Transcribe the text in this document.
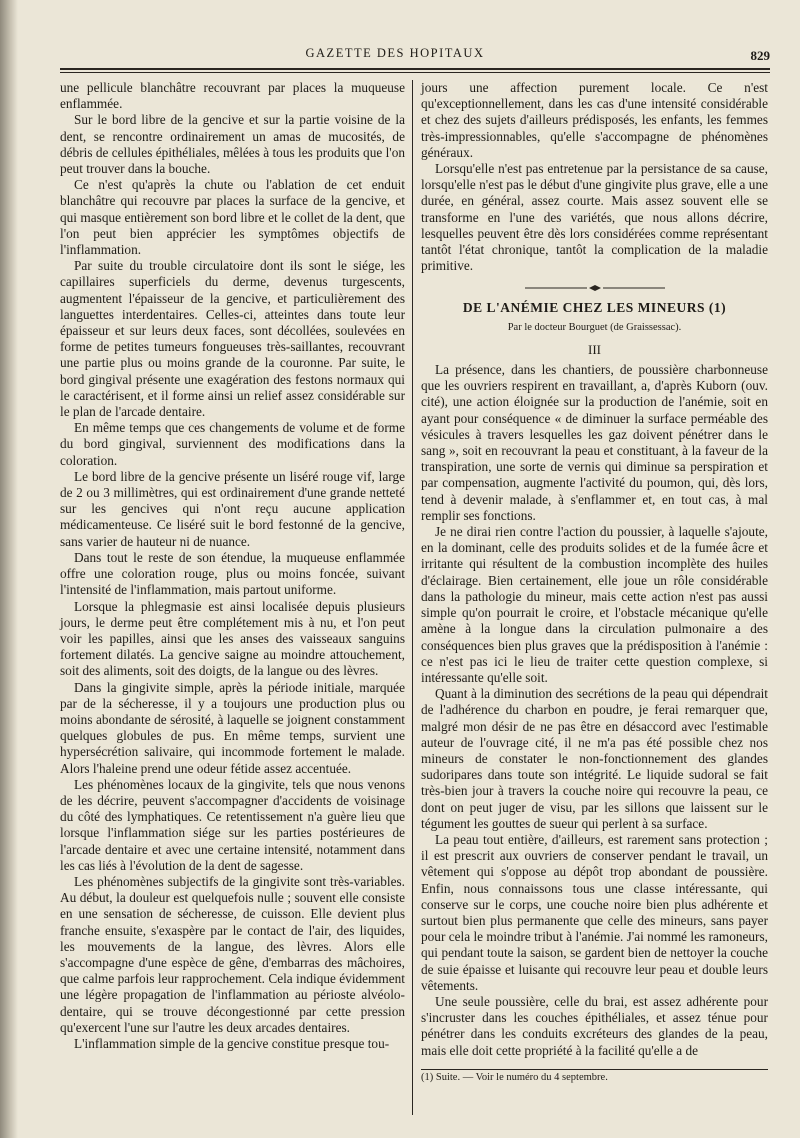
GAZETTE DES HOPITAUX	829

une pellicule blanchâtre recouvrant par places la muqueuse enflammée.

Sur le bord libre de la gencive et sur la partie voisine de la dent, se rencontre ordinairement un amas de mucosités, de débris de cellules épithéliales, mêlées à tous les produits que l'on peut trouver dans la bouche.

Ce n'est qu'après la chute ou l'ablation de cet enduit blanchâtre qui recouvre par places la surface de la gencive, et qui masque entièrement son bord libre et le collet de la dent, que l'on peut bien apprécier les symptômes objectifs de l'inflammation.

Par suite du trouble circulatoire dont ils sont le siége, les capillaires superficiels du derme, devenus turgescents, augmentent l'épaisseur de la gencive, et particulièrement des languettes interdentaires. Celles-ci, atteintes dans toute leur épaisseur et sur leurs deux faces, sont décollées, soulevées en forme de petites tumeurs fongueuses très-saillantes, recouvrant une partie plus ou moins grande de la couronne. Par suite, le bord gingival présente une exagération des festons normaux qui le caractérisent, et il forme ainsi un relief assez considérable sur le plan de l'arcade dentaire.

En même temps que ces changements de volume et de forme du bord gingival, surviennent des modifications dans la coloration.

Le bord libre de la gencive présente un liséré rouge vif, large de 2 ou 3 millimètres, qui est ordinairement d'une grande netteté sur les gencives qui n'ont reçu aucune application médicamenteuse. Ce liséré suit le bord festonné de la gencive, sans varier de hauteur ni de nuance.

Dans tout le reste de son étendue, la muqueuse enflammée offre une coloration rouge, plus ou moins foncée, suivant l'intensité de l'inflammation, mais partout uniforme.

Lorsque la phlegmasie est ainsi localisée depuis plusieurs jours, le derme peut être complétement mis à nu, et l'on peut voir les papilles, ainsi que les anses des vaisseaux sanguins fortement dilatés. La gencive saigne au moindre attouchement, soit des aliments, soit des doigts, de la langue ou des lèvres.

Dans la gingivite simple, après la période initiale, marquée par de la sécheresse, il y a toujours une production plus ou moins abondante de sérosité, à laquelle se joignent constamment quelques globules de pus. En même temps, survient une hypersécrétion salivaire, qui incommode fortement le malade. Alors l'haleine prend une odeur fétide assez accentuée.

Les phénomènes locaux de la gingivite, tels que nous venons de les décrire, peuvent s'accompagner d'accidents de voisinage du côté des lymphatiques. Ce retentissement n'a guère lieu que lorsque l'inflammation siége sur les parties postérieures de l'arcade dentaire et avec une certaine intensité, notamment dans les cas liés à l'évolution de la dent de sagesse.

Les phénomènes subjectifs de la gingivite sont très-variables. Au début, la douleur est quelquefois nulle ; souvent elle consiste en une sensation de sécheresse, de cuisson. Elle devient plus franche ensuite, s'exaspère par le contact de l'air, des liquides, les mouvements de la langue, des lèvres. Alors elle s'accompagne d'une espèce de gêne, d'embarras des mâchoires, que calme parfois leur rapprochement. Cela indique évidemment une légère propagation de l'inflammation au périoste alvéolo-dentaire, qui se trouve décongestionné par cette pression qu'exercent l'une sur l'autre les deux arcades dentaires.

L'inflammation simple de la gencive constitue presque tou-

jours une affection purement locale. Ce n'est qu'exceptionnellement, dans les cas d'une intensité considérable et chez des sujets d'ailleurs prédisposés, les enfants, les femmes très-impressionnables, qu'elle s'accompagne de phénomènes généraux.

Lorsqu'elle n'est pas entretenue par la persistance de sa cause, lorsqu'elle n'est pas le début d'une gingivite plus grave, elle a une durée, en général, assez courte. Mais assez souvent elle se transforme en l'une des variétés, que nous allons décrire, lesquelles peuvent être dès lors considérées comme représentant tantôt l'état chronique, tantôt la complication de la maladie primitive.

DE L'ANÉMIE CHEZ LES MINEURS (1)
Par le docteur Bourguet (de Graissessac).
III

La présence, dans les chantiers, de poussière charbonneuse que les ouvriers respirent en travaillant, a, d'après Kuborn (ouv. cité), une action éloignée sur la production de l'anémie, soit en ayant pour conséquence « de diminuer la surface perméable des vésicules à travers lesquelles les gaz doivent pénétrer dans le sang », soit en recouvrant la peau et constituant, à la faveur de la transpiration, une sorte de vernis qui diminue sa perspiration et par compensation, augmente l'activité du poumon, qui, dès lors, tend à devenir malade, à s'enflammer et, en tout cas, à mal remplir ses fonctions.

Je ne dirai rien contre l'action du poussier, à laquelle s'ajoute, en la dominant, celle des produits solides et de la fumée âcre et irritante qui résultent de la combustion incomplète des huiles d'éclairage. Bien certainement, elle joue un rôle considérable dans la pathologie du mineur, mais cette action n'est pas aussi simple qu'on pourrait le croire, et l'obstacle mécanique qu'elle amène à la longue dans la circulation pulmonaire a des conséquences bien plus graves que la prédisposition à l'anémie : ce n'est pas ici le lieu de traiter cette question complexe, si intéressante qu'elle soit.

Quant à la diminution des secrétions de la peau qui dépendrait de l'adhérence du charbon en poudre, je ferai remarquer que, malgré mon désir de ne pas être en désaccord avec l'estimable auteur de l'ouvrage cité, il ne m'a pas été possible chez nos mineurs de constater le non-fonctionnement des glandes sudoripares dans toute son intégrité. Le liquide sudoral se fait très-bien jour à travers la couche noire qui recouvre la peau, ce dont on peut juger de visu, par les sillons que laissent sur le tégument les gouttes de sueur qui perlent à sa surface.

La peau tout entière, d'ailleurs, est rarement sans protection ; il est prescrit aux ouvriers de conserver pendant le travail, un vêtement qui s'oppose au dépôt trop abondant de poussière. Enfin, nous connaissons tous une classe intéressante, qui conserve sur le corps, une couche noire bien plus adhérente et surtout bien plus permanente que celle des mineurs, sans payer pour cela le moindre tribut à l'anémie. J'ai nommé les ramoneurs, qui pendant toute la saison, se gardent bien de nettoyer la couche de suie épaisse et luisante qui recouvre leur peau et double leurs vêtements.

Une seule poussière, celle du brai, est assez adhérente pour s'incruster dans les couches épithéliales, et assez ténue pour pénétrer dans les conduits excréteurs des glandes de la peau, mais elle doit cette propriété à la facilité qu'elle a de

(1) Suite. — Voir le numéro du 4 septembre.
